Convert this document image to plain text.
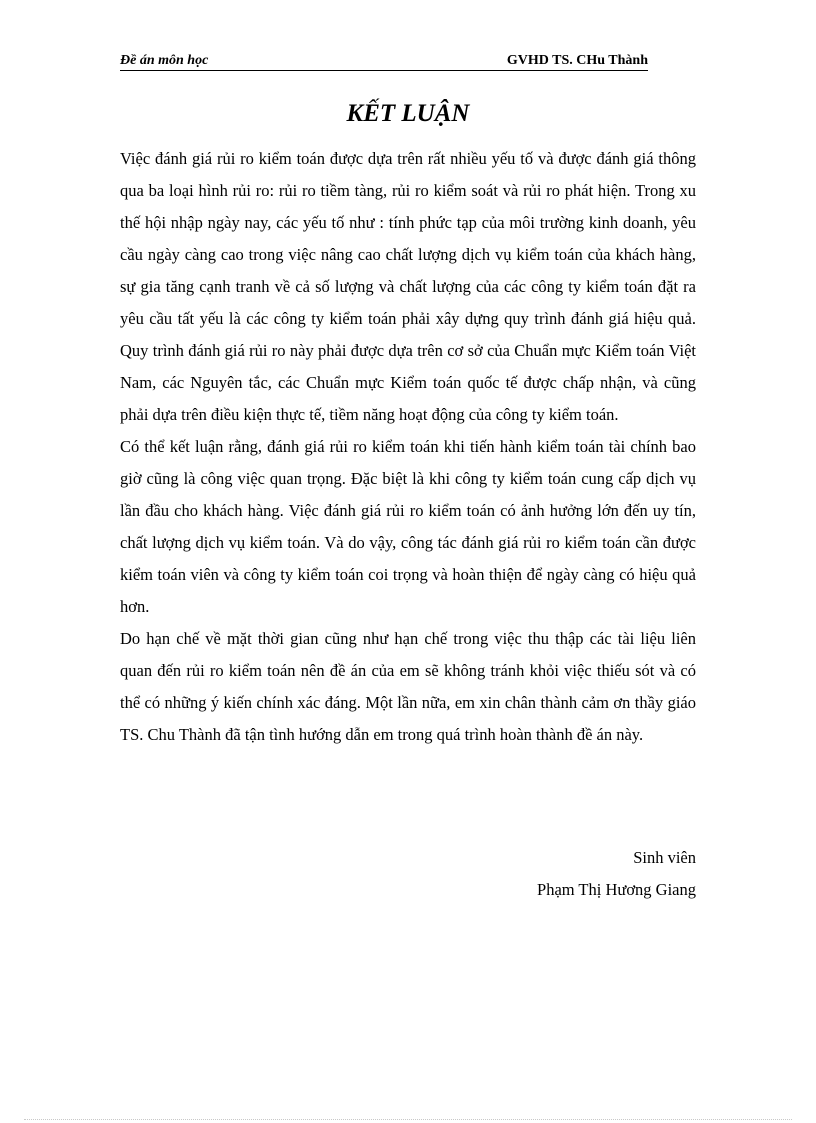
Đề án môn học	GVHD TS. CHu Thành
KẾT LUẬN

Việc đánh giá rủi ro kiểm toán được dựa trên rất nhiều yếu tố và được đánh giá thông qua ba loại hình rủi ro: rủi ro tiềm tàng, rủi ro kiểm soát và rủi ro phát hiện. Trong xu thế hội nhập ngày nay, các yếu tố như : tính phức tạp của môi trường kinh doanh, yêu cầu ngày càng cao trong việc nâng cao chất lượng dịch vụ kiểm toán của khách hàng, sự gia tăng cạnh tranh về cả số lượng và chất lượng của các công ty kiểm toán đặt ra yêu cầu tất yếu là các công ty kiểm toán phải xây dựng quy trình đánh giá hiệu quả. Quy trình đánh giá rủi ro này phải được dựa trên cơ sở của Chuẩn mực Kiểm toán Việt Nam, các Nguyên tắc, các Chuẩn mực Kiểm toán quốc tế được chấp nhận, và cũng phải dựa trên điều kiện thực tế, tiềm năng hoạt động của công ty kiểm toán.

Có thể kết luận rằng, đánh giá rủi ro kiểm toán khi tiến hành kiểm toán tài chính bao giờ cũng là công việc quan trọng. Đặc biệt là khi công ty kiểm toán cung cấp dịch vụ lần đầu cho khách hàng. Việc đánh giá rủi ro kiểm toán có ảnh hưởng lớn đến uy tín, chất lượng dịch vụ kiểm toán. Và do vậy, công tác đánh giá rủi ro kiểm toán cần được kiểm toán viên và công ty kiểm toán coi trọng và hoàn thiện để ngày càng có hiệu quả hơn.

Do hạn chế về mặt thời gian cũng như hạn chế trong việc thu thập các tài liệu liên quan đến rủi ro kiểm toán nên đề án của em sẽ không tránh khỏi việc thiếu sót và có thể có những ý kiến chính xác đáng. Một lần nữa, em xin chân thành cảm ơn thầy giáo TS. Chu Thành đã tận tình hướng dẫn em trong quá trình hoàn thành đề án này.

Sinh viên
Phạm Thị Hương Giang
